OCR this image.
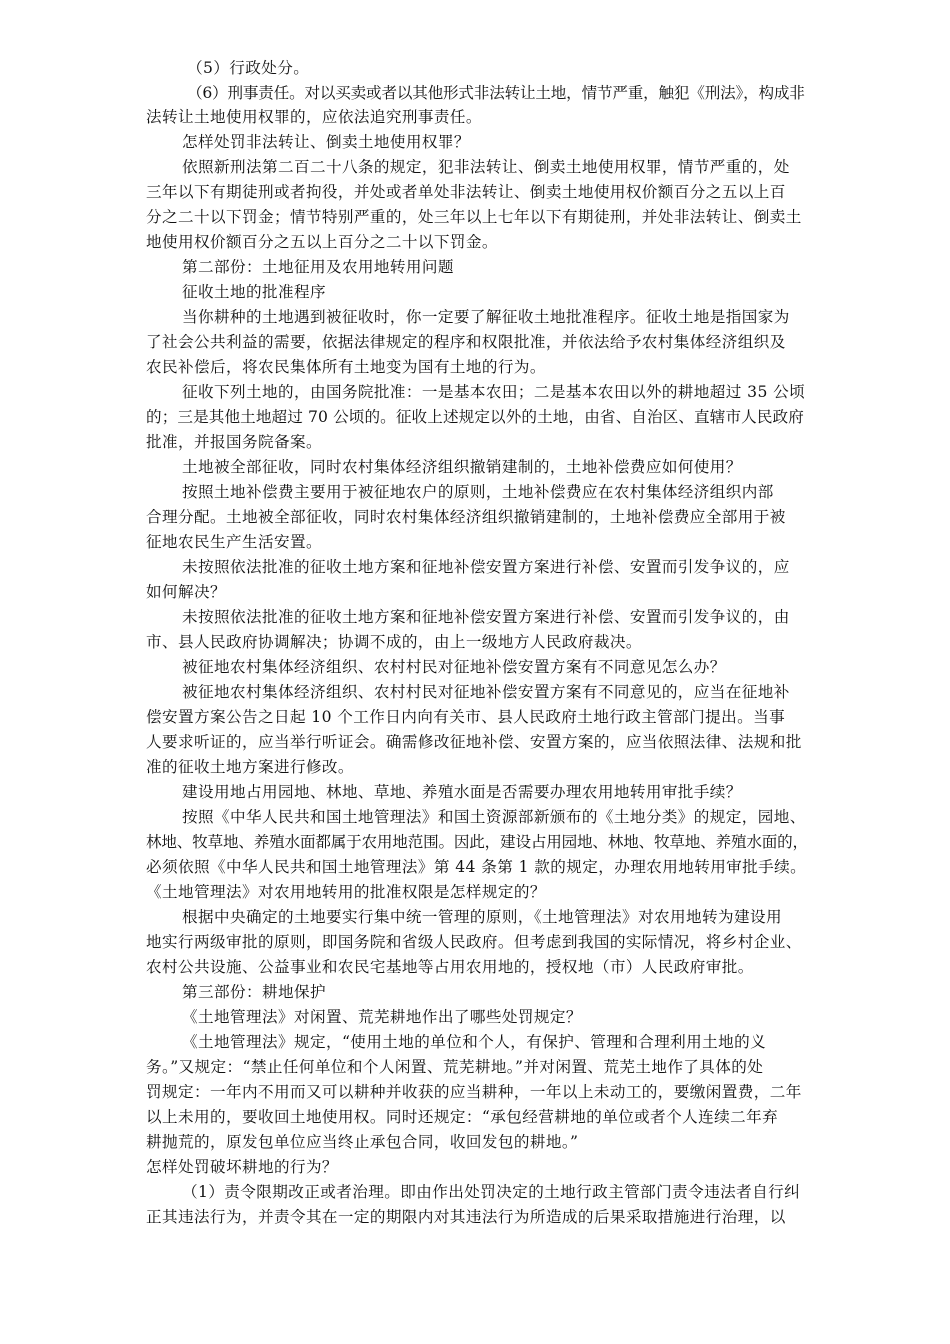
（5）行政处分。
（6）刑事责任。对以买卖或者以其他形式非法转让土地，情节严重，触犯《刑法》，构成非
法转让土地使用权罪的，应依法追究刑事责任。
怎样处罚非法转让、倒卖土地使用权罪？
依照新刑法第二百二十八条的规定，犯非法转让、倒卖土地使用权罪，情节严重的，处
三年以下有期徒刑或者拘役，并处或者单处非法转让、倒卖土地使用权价额百分之五以上百
分之二十以下罚金；情节特别严重的，处三年以上七年以下有期徒刑，并处非法转让、倒卖土
地使用权价额百分之五以上百分之二十以下罚金。
第二部份：土地征用及农用地转用问题
征收土地的批准程序
当你耕种的土地遇到被征收时，你一定要了解征收土地批准程序。征收土地是指国家为
了社会公共利益的需要，依据法律规定的程序和权限批准，并依法给予农村集体经济组织及
农民补偿后，将农民集体所有土地变为国有土地的行为。
征收下列土地的，由国务院批准：一是基本农田；二是基本农田以外的耕地超过 35 公顷
的；三是其他土地超过 70 公顷的。征收上述规定以外的土地，由省、自治区、直辖市人民政府
批准，并报国务院备案。
土地被全部征收，同时农村集体经济组织撤销建制的，土地补偿费应如何使用？
按照土地补偿费主要用于被征地农户的原则，土地补偿费应在农村集体经济组织内部
合理分配。土地被全部征收，同时农村集体经济组织撤销建制的，土地补偿费应全部用于被
征地农民生产生活安置。
未按照依法批准的征收土地方案和征地补偿安置方案进行补偿、安置而引发争议的，应
如何解决？
未按照依法批准的征收土地方案和征地补偿安置方案进行补偿、安置而引发争议的，由
市、县人民政府协调解决；协调不成的，由上一级地方人民政府裁决。
被征地农村集体经济组织、农村村民对征地补偿安置方案有不同意见怎么办？
被征地农村集体经济组织、农村村民对征地补偿安置方案有不同意见的，应当在征地补
偿安置方案公告之日起 10 个工作日内向有关市、县人民政府土地行政主管部门提出。当事
人要求听证的，应当举行听证会。确需修改征地补偿、安置方案的，应当依照法律、法规和批
准的征收土地方案进行修改。
建设用地占用园地、林地、草地、养殖水面是否需要办理农用地转用审批手续？
按照《中华人民共和国土地管理法》和国土资源部新颁布的《土地分类》的规定，园地、
林地、牧草地、养殖水面都属于农用地范围。因此，建设占用园地、林地、牧草地、养殖水面的，
必须依照《中华人民共和国土地管理法》第 44 条第 1 款的规定，办理农用地转用审批手续。
《土地管理法》对农用地转用的批准权限是怎样规定的？
根据中央确定的土地要实行集中统一管理的原则，《土地管理法》对农用地转为建设用
地实行两级审批的原则，即国务院和省级人民政府。但考虑到我国的实际情况，将乡村企业、
农村公共设施、公益事业和农民宅基地等占用农用地的，授权地（市）人民政府审批。
第三部份：耕地保护
《土地管理法》对闲置、荒芜耕地作出了哪些处罚规定？
《土地管理法》规定，“使用土地的单位和个人，有保护、管理和合理利用土地的义
务。”又规定：“禁止任何单位和个人闲置、荒芜耕地。”并对闲置、荒芜土地作了具体的处
罚规定：一年内不用而又可以耕种并收获的应当耕种，一年以上未动工的，要缴闲置费，二年
以上未用的，要收回土地使用权。同时还规定：“承包经营耕地的单位或者个人连续二年弃
耕抛荒的，原发包单位应当终止承包合同，收回发包的耕地。”
怎样处罚破坏耕地的行为？
（1）责令限期改正或者治理。即由作出处罚决定的土地行政主管部门责令违法者自行纠
正其违法行为，并责令其在一定的期限内对其违法行为所造成的后果采取措施进行治理，以
